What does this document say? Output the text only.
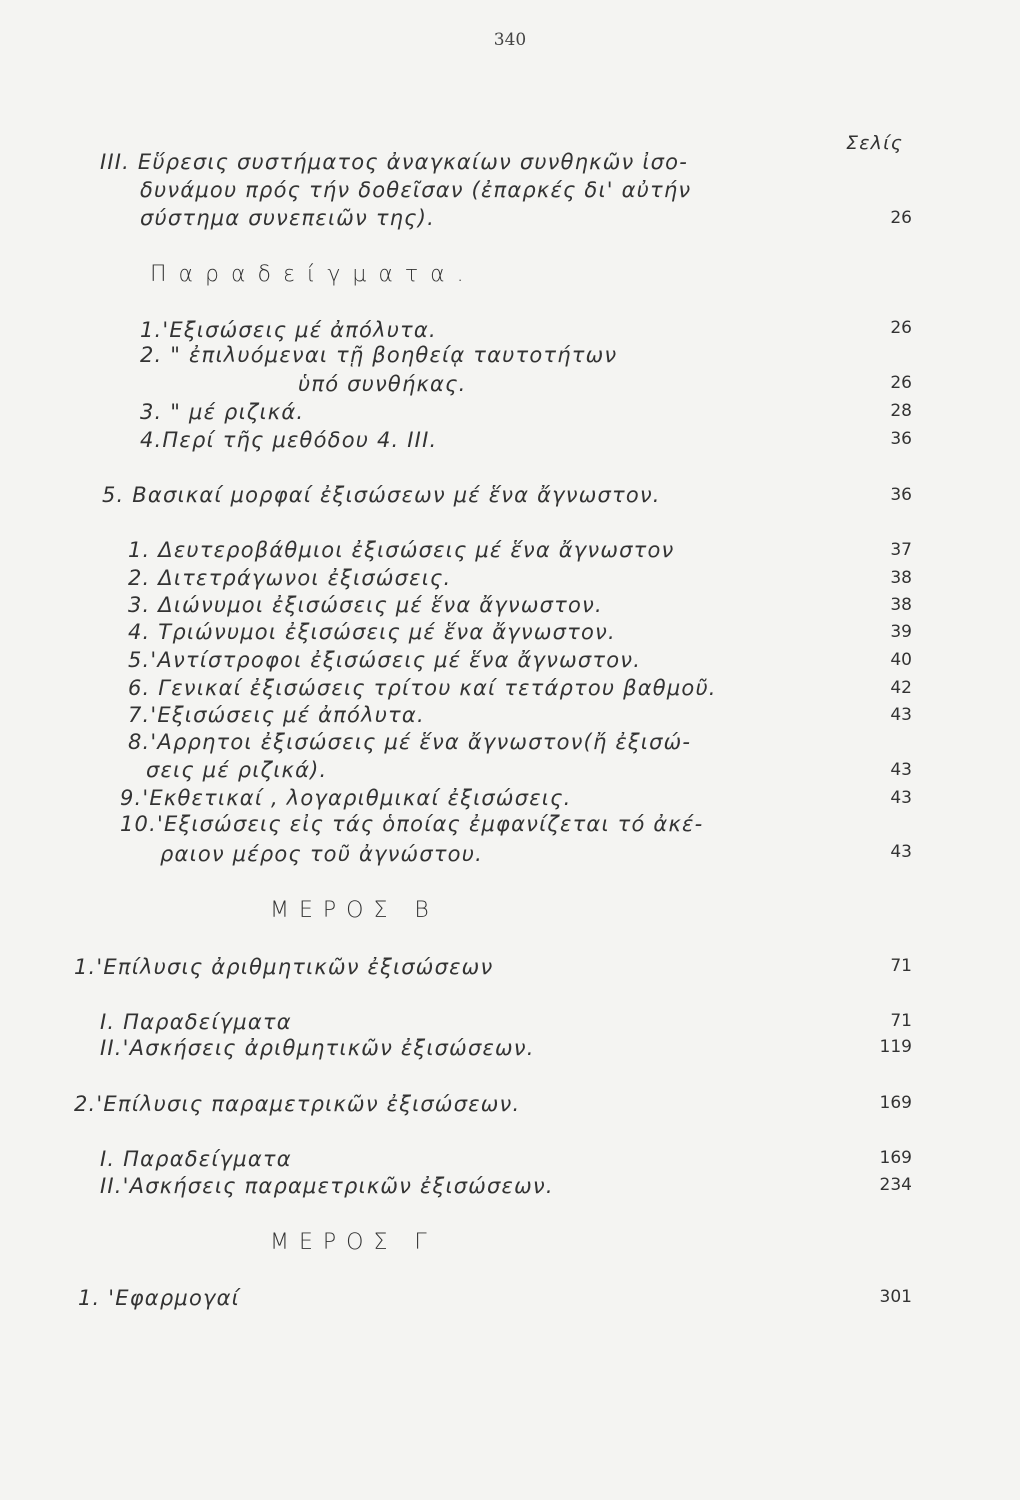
340
Σελίς
III. Εὕρεσις συστήματος ἀναγκαίων συνθηκῶν ἰσο-
δυνάμου πρός τήν δοθεῖσαν (ἐπαρκές δι' αὐτήν
σύστημα συνεπειῶν της).	26
Παραδείγματα.
1.'Εξισώσεις μέ ἀπόλυτα.	26
2. " ἐπιλυόμεναι τῇ βοηθείᾳ ταυτοτήτων
ὑπό συνθήκας.	26
3. " μέ ριζικά.	28
4.Περί τῆς μεθόδου 4. III.	36
5. Βασικαί μορφαί ἐξισώσεων μέ ἕνα ἄγνωστον.	36
1. Δευτεροβάθμιοι ἐξισώσεις μέ ἕνα ἄγνωστον	37
2. Διτετράγωνοι ἐξισώσεις.	38
3. Διώνυμοι ἐξισώσεις μέ ἕνα ἄγνωστον.	38
4. Τριώνυμοι ἐξισώσεις μέ ἕνα ἄγνωστον.	39
5.'Αντίστροφοι ἐξισώσεις μέ ἕνα ἄγνωστον.	40
6. Γενικαί ἐξισώσεις τρίτου καί τετάρτου βαθμοῦ.	42
7.'Εξισώσεις μέ ἀπόλυτα.	43
8.'Αρρητοι ἐξισώσεις μέ ἕνα ἄγνωστον(ἤ ἐξισώ-
σεις μέ ριζικά).	43
9.'Εκθετικαί , λογαριθμικαί ἐξισώσεις.	43
10.'Εξισώσεις εἰς τάς ὁποίας ἐμφανίζεται τό ἀκέ-
ραιον μέρος τοῦ ἀγνώστου.	43
ΜΕΡΟΣ Β
1.'Επίλυσις ἀριθμητικῶν ἐξισώσεων	71
Ι. Παραδείγματα	71
ΙΙ.'Ασκήσεις ἀριθμητικῶν ἐξισώσεων.	119
2.'Επίλυσις παραμετρικῶν ἐξισώσεων.	169
Ι. Παραδείγματα	169
ΙΙ.'Ασκήσεις παραμετρικῶν ἐξισώσεων.	234
ΜΕΡΟΣ Γ
1. 'Εφαρμογαί	301
